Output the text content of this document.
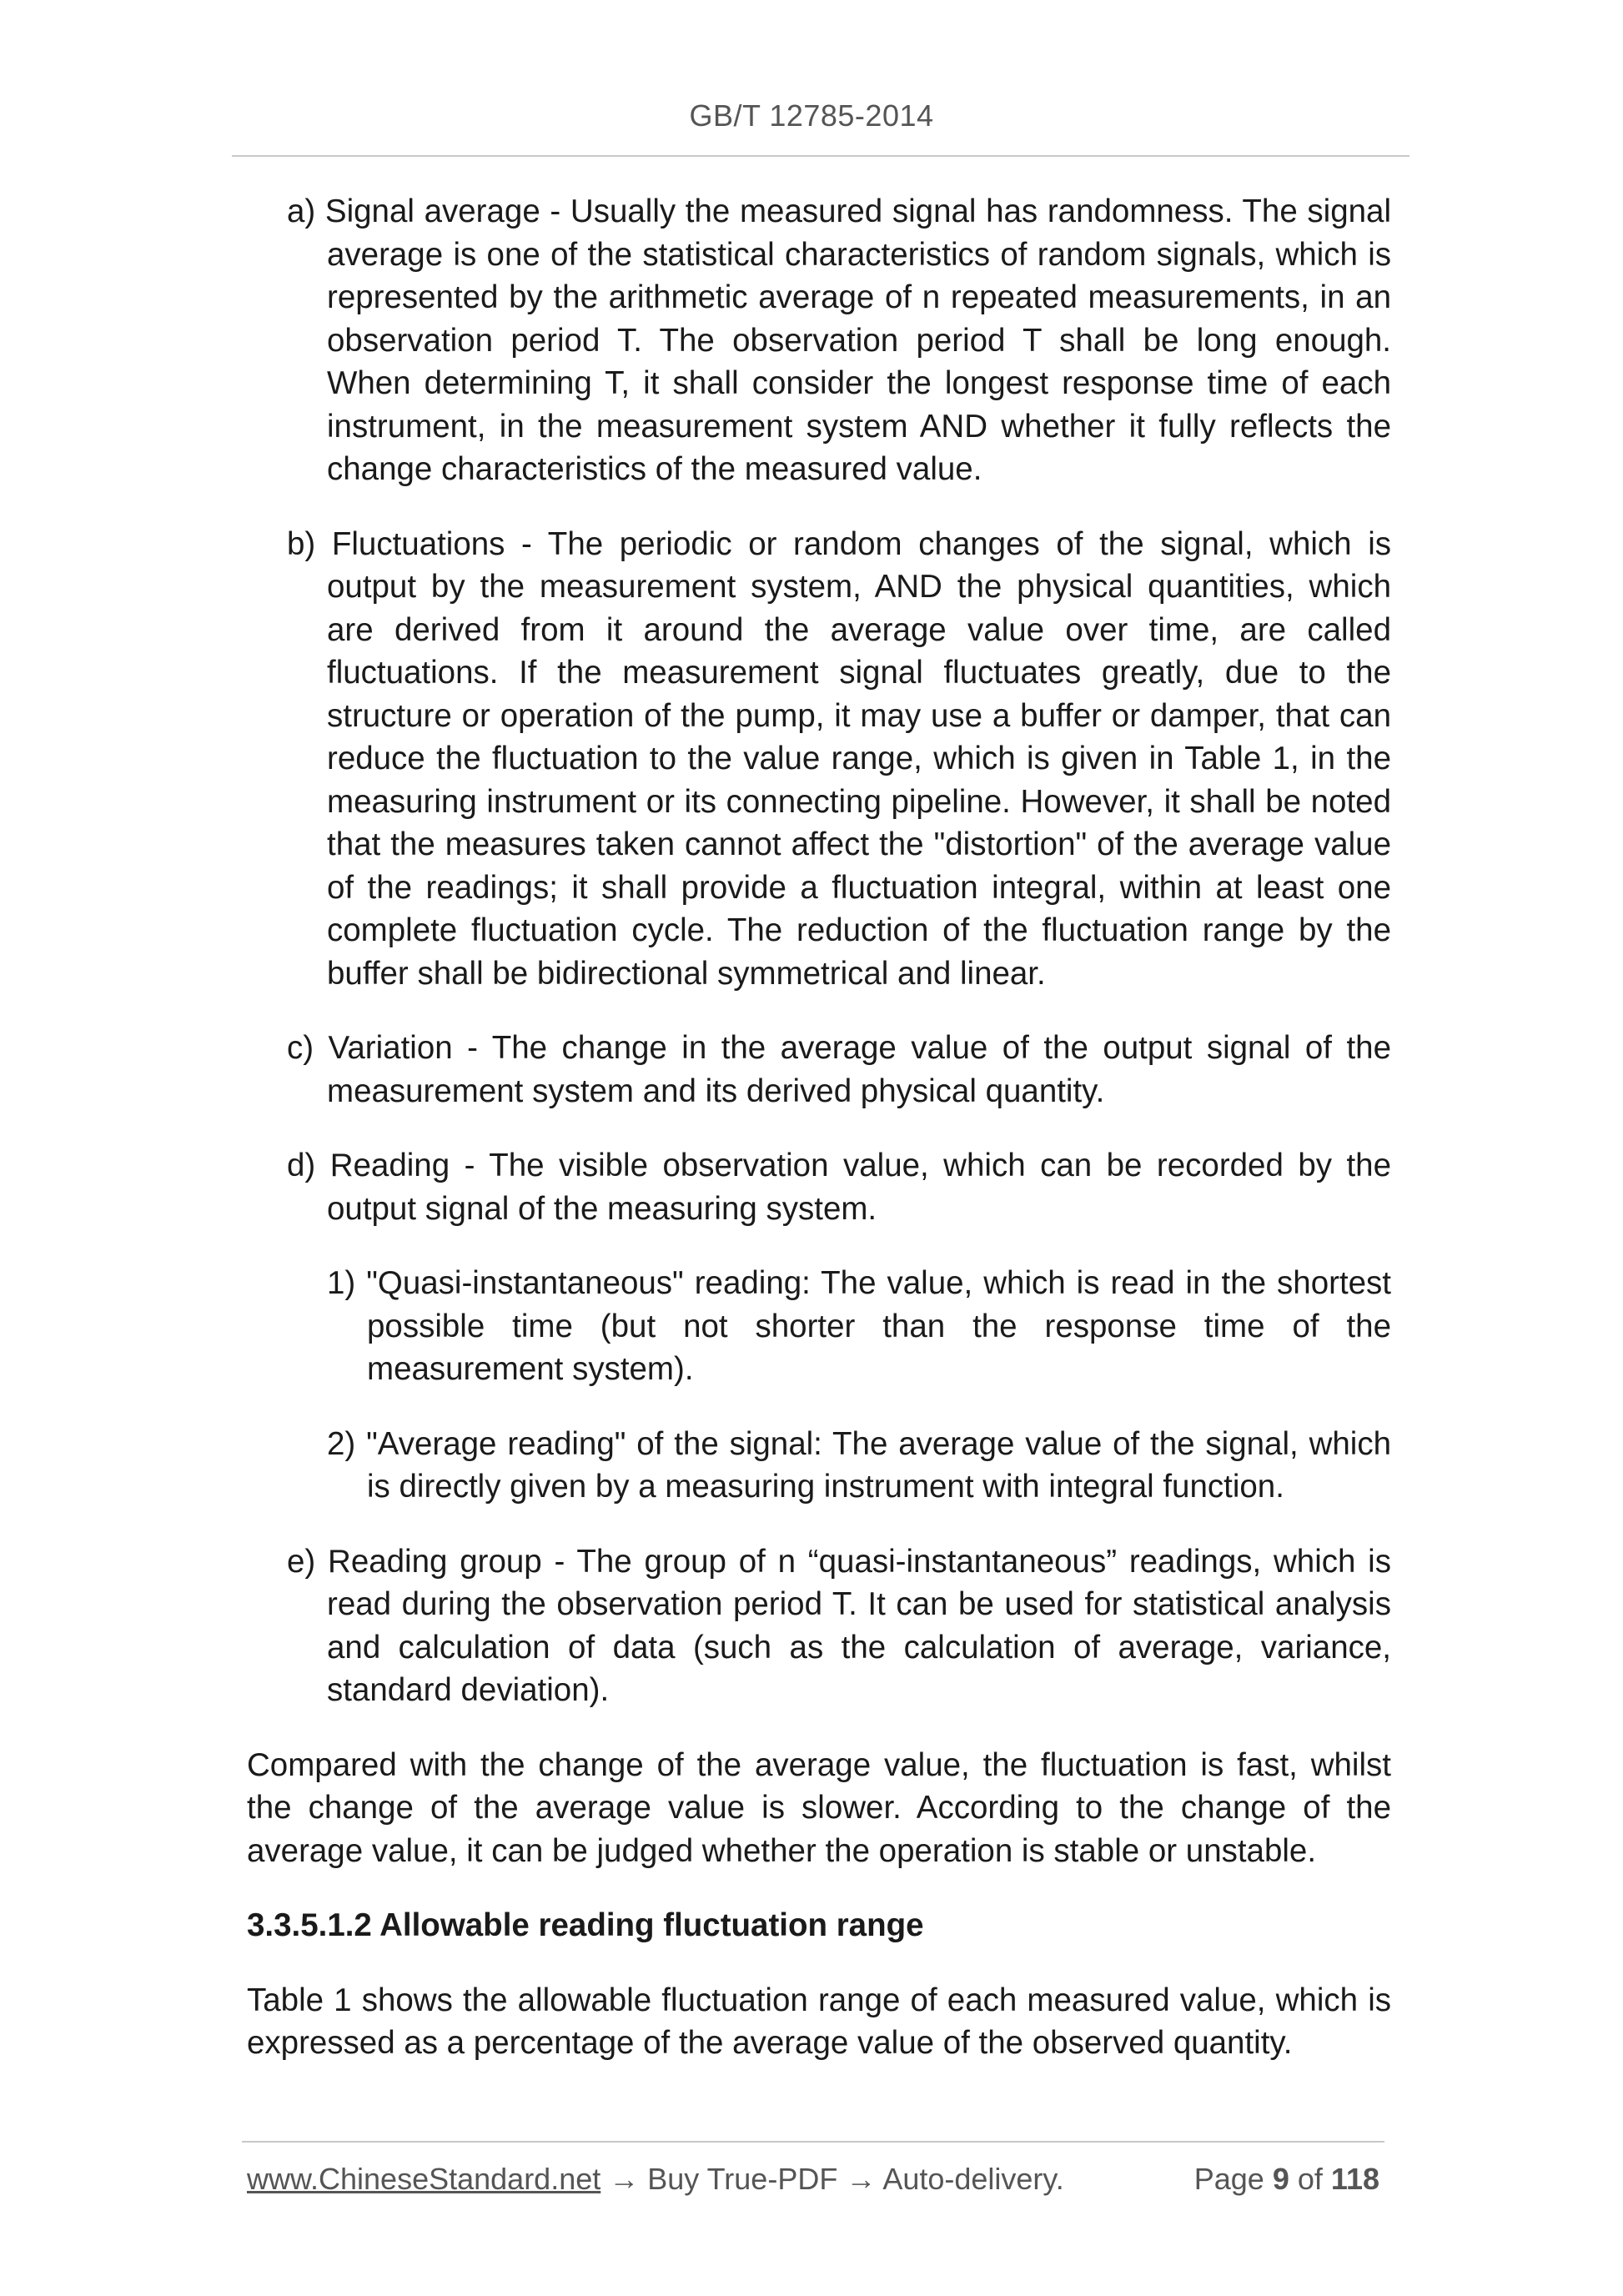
GB/T 12785-2014

a) Signal average - Usually the measured signal has randomness. The signal average is one of the statistical characteristics of random signals, which is represented by the arithmetic average of n repeated measurements, in an observation period T. The observation period T shall be long enough. When determining T, it shall consider the longest response time of each instrument, in the measurement system AND whether it fully reflects the change characteristics of the measured value.

b) Fluctuations - The periodic or random changes of the signal, which is output by the measurement system, AND the physical quantities, which are derived from it around the average value over time, are called fluctuations. If the measurement signal fluctuates greatly, due to the structure or operation of the pump, it may use a buffer or damper, that can reduce the fluctuation to the value range, which is given in Table 1, in the measuring instrument or its connecting pipeline. However, it shall be noted that the measures taken cannot affect the "distortion" of the average value of the readings; it shall provide a fluctuation integral, within at least one complete fluctuation cycle. The reduction of the fluctuation range by the buffer shall be bidirectional symmetrical and linear.

c) Variation - The change in the average value of the output signal of the measurement system and its derived physical quantity.

d) Reading - The visible observation value, which can be recorded by the output signal of the measuring system.

1) "Quasi-instantaneous" reading: The value, which is read in the shortest possible time (but not shorter than the response time of the measurement system).

2) "Average reading" of the signal: The average value of the signal, which is directly given by a measuring instrument with integral function.

e) Reading group - The group of n “quasi-instantaneous” readings, which is read during the observation period T. It can be used for statistical analysis and calculation of data (such as the calculation of average, variance, standard deviation).

Compared with the change of the average value, the fluctuation is fast, whilst the change of the average value is slower. According to the change of the average value, it can be judged whether the operation is stable or unstable.

3.3.5.1.2 Allowable reading fluctuation range

Table 1 shows the allowable fluctuation range of each measured value, which is expressed as a percentage of the average value of the observed quantity.

www.ChineseStandard.net → Buy True-PDF → Auto-delivery.	Page 9 of 118
